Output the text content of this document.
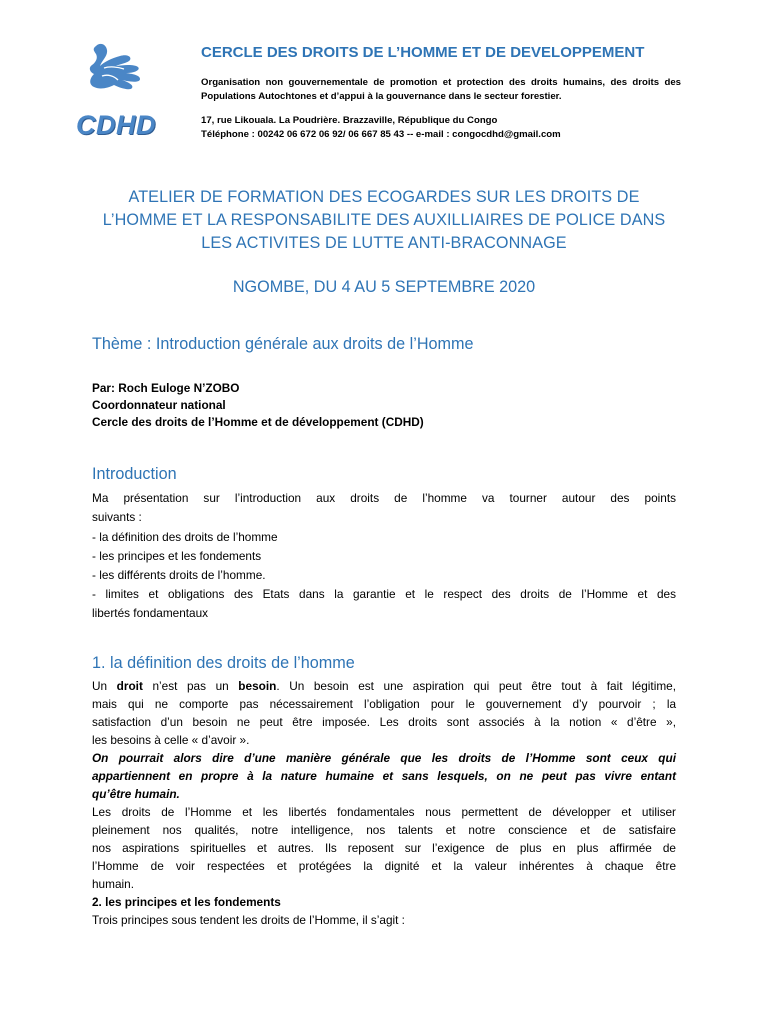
CDHD
CERCLE DES DROITS DE L’HOMME ET DE DEVELOPPEMENT
Organisation non gouvernementale de promotion et protection des droits humains, des droits des Populations Autochtones et d’appui à la gouvernance dans le secteur forestier.
17, rue Likouala. La Poudrière. Brazzaville, République du Congo
Téléphone : 00242 06 672 06 92/ 06 667 85 43 -- e-mail : congocdhd@gmail.com
ATELIER DE FORMATION DES ECOGARDES SUR LES DROITS DE
L’HOMME ET LA RESPONSABILITE DES AUXILLIAIRES DE POLICE DANS
LES ACTIVITES DE LUTTE ANTI-BRACONNAGE
NGOMBE, DU 4 AU 5 SEPTEMBRE 2020
Thème : Introduction générale aux droits de l’Homme
Par: Roch Euloge N’ZOBO
Coordonnateur national
Cercle des droits de l’Homme et de développement (CDHD)
Introduction
Ma présentation sur l’introduction aux droits de l’homme va tourner autour des points
suivants :
- la définition des droits de l’homme
- les principes et les fondements
- les différents droits de l’homme.
- limites et obligations des Etats dans la garantie et le respect des droits de l’Homme et des
libertés fondamentaux
1. la définition des droits de l’homme
Un droit n’est pas un besoin. Un besoin est une aspiration qui peut être tout à fait légitime,
mais qui ne comporte pas nécessairement l’obligation pour le gouvernement d’y pourvoir ; la
satisfaction d’un besoin ne peut être imposée. Les droits sont associés à la notion « d’être »,
les besoins à celle « d’avoir ».
On pourrait alors dire d’une manière générale que les droits de l’Homme sont ceux qui
appartiennent en propre à la nature humaine et sans lesquels, on ne peut pas vivre entant
qu’être humain.
Les droits de l’Homme et les libertés fondamentales nous permettent de développer et utiliser
pleinement nos qualités, notre intelligence, nos talents et notre conscience et de satisfaire
nos aspirations spirituelles et autres. Ils reposent sur l’exigence de plus en plus affirmée de
l’Homme de voir respectées et protégées la dignité et la valeur inhérentes à chaque être
humain.
2. les principes et les fondements
Trois principes sous tendent les droits de l’Homme, il s’agit :
